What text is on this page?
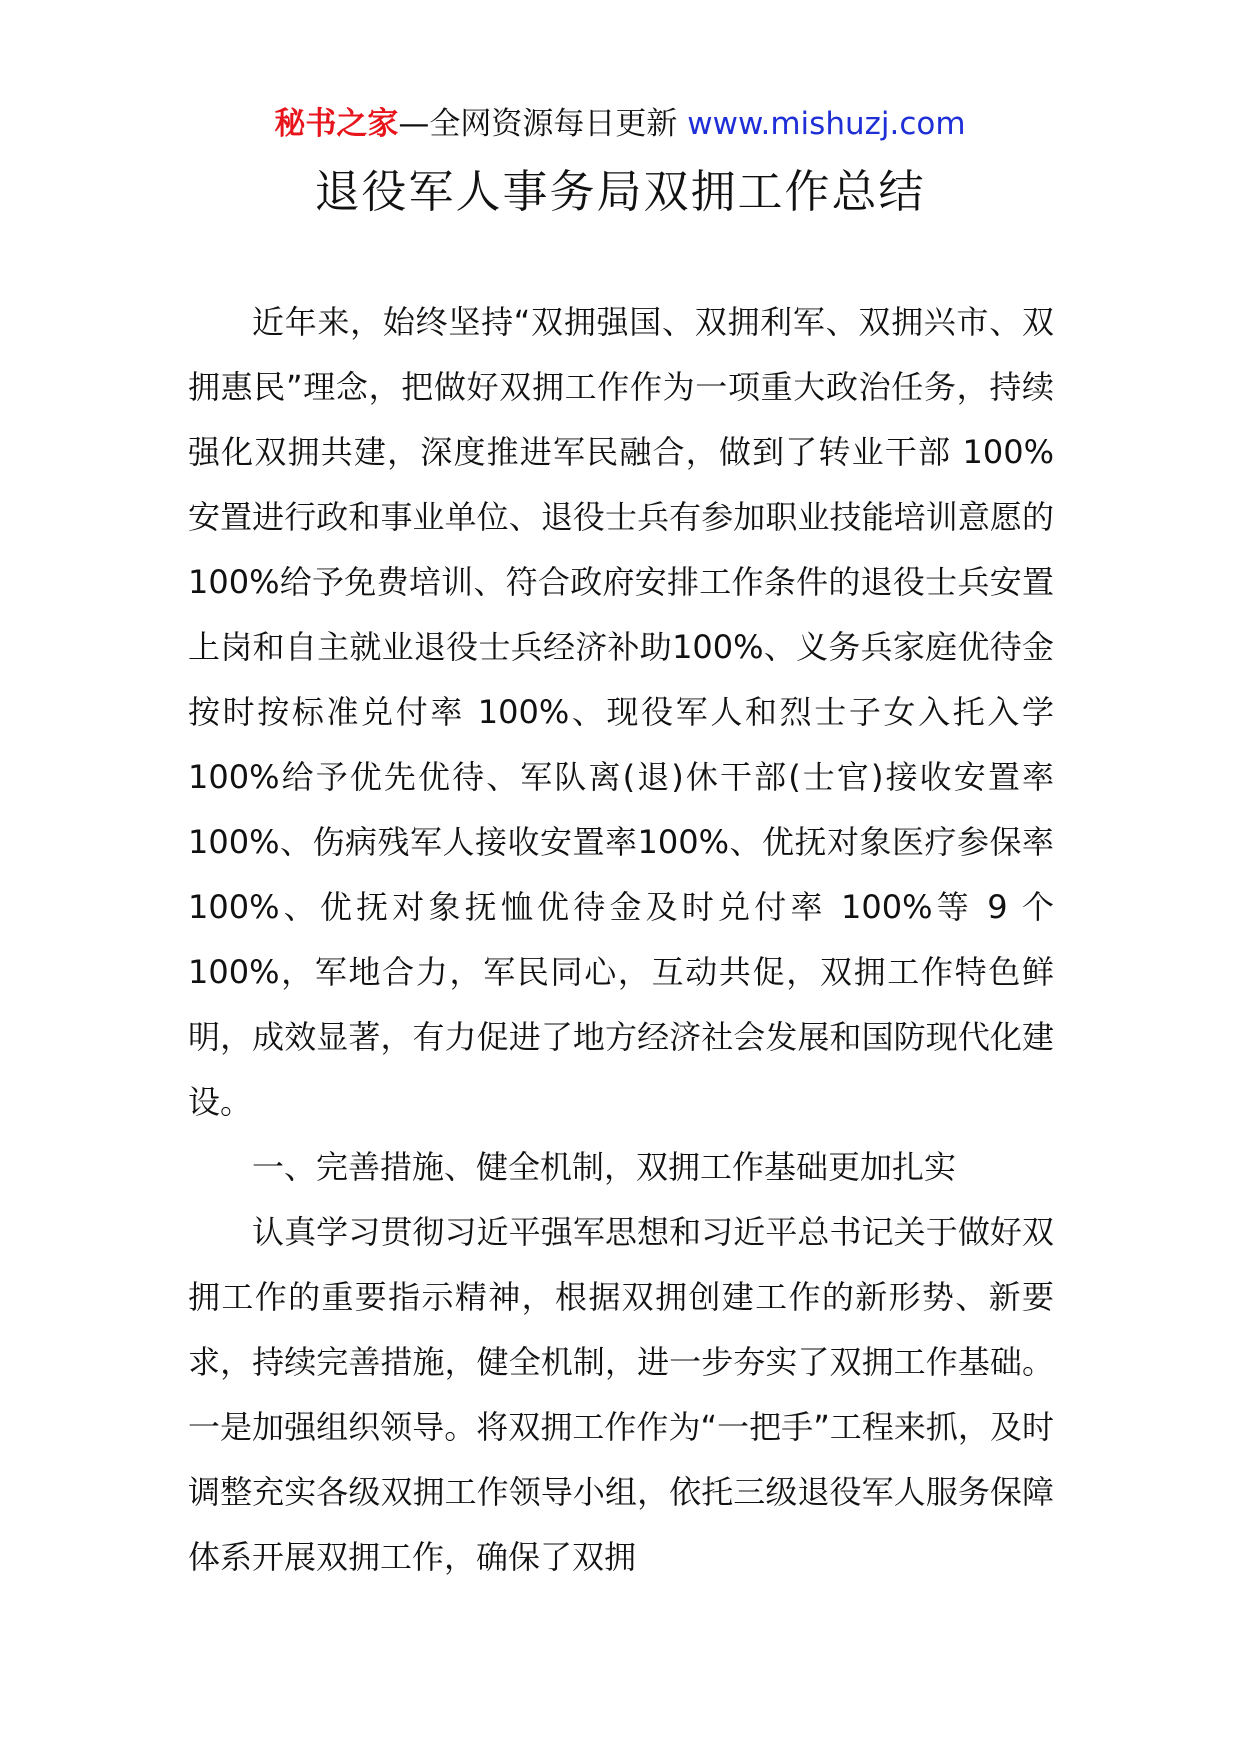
秘书之家—全网资源每日更新 www.mishuzj.com
退役军人事务局双拥工作总结

近年来，始终坚持“双拥强国、双拥利军、双拥兴市、双拥惠民”理念，把做好双拥工作作为一项重大政治任务，持续强化双拥共建，深度推进军民融合，做到了转业干部 100%安置进行政和事业单位、退役士兵有参加职业技能培训意愿的 100%给予免费培训、符合政府安排工作条件的退役士兵安置上岗和自主就业退役士兵经济补助100%、义务兵家庭优待金按时按标准兑付率 100%、现役军人和烈士子女入托入学 100%给予优先优待、军队离(退)休干部(士官)接收安置率 100%、伤病残军人接收安置率100%、优抚对象医疗参保率 100%、优抚对象抚恤优待金及时兑付率 100%等 9 个 100%，军地合力，军民同心，互动共促，双拥工作特色鲜明，成效显著，有力促进了地方经济社会发展和国防现代化建设。

一、完善措施、健全机制，双拥工作基础更加扎实

认真学习贯彻习近平强军思想和习近平总书记关于做好双拥工作的重要指示精神，根据双拥创建工作的新形势、新要求，持续完善措施，健全机制，进一步夯实了双拥工作基础。一是加强组织领导。将双拥工作作为“一把手”工程来抓，及时调整充实各级双拥工作领导小组，依托三级退役军人服务保障体系开展双拥工作，确保了双拥
